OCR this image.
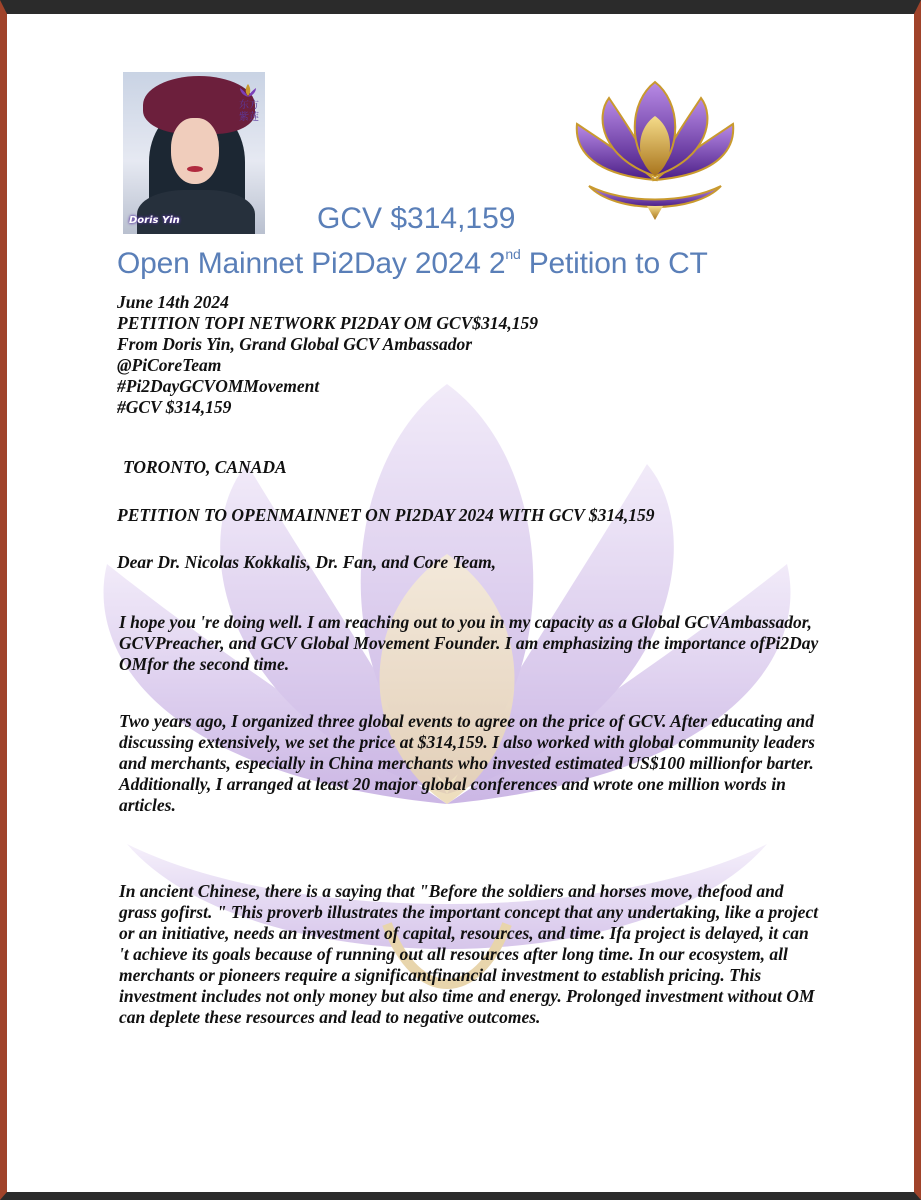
东方紫莲
Doris Yin	GCV $314,159
Open Mainnet Pi2Day 2024 2nd Petition to CT
June 14th 2024
PETITION TOPI NETWORK PI2DAY OM GCV$314,159
From Doris Yin, Grand Global GCV Ambassador
@PiCoreTeam
#Pi2DayGCVOMMovement
#GCV $314,159
TORONTO, CANADA
PETITION TO OPENMAINNET ON PI2DAY 2024 WITH GCV $314,159
Dear Dr. Nicolas Kokkalis, Dr. Fan, and Core Team,
I hope you 're doing well. I am reaching out to you in my capacity as a Global GCVAmbassador, GCVPreacher, and GCV Global Movement Founder. I am emphasizing the importance ofPi2Day OMfor the second time.
Two years ago, I organized three global events to agree on the price of GCV. After educating and discussing extensively, we set the price at $314,159. I also worked with global community leaders and merchants, especially in China merchants who invested estimated US$100 millionfor barter. Additionally, I arranged at least 20 major global conferences and wrote one million words in articles.
In ancient Chinese, there is a saying that "Before the soldiers and horses move, thefood and grass gofirst. " This proverb illustrates the important concept that any undertaking, like a project or an initiative, needs an investment of capital, resources, and time. Ifa project is delayed, it can 't achieve its goals because of running out all resources after long time. In our ecosystem, all merchants or pioneers require a significantfinancial investment to establish pricing. This investment includes not only money but also time and energy. Prolonged investment without OM can deplete these resources and lead to negative outcomes.
